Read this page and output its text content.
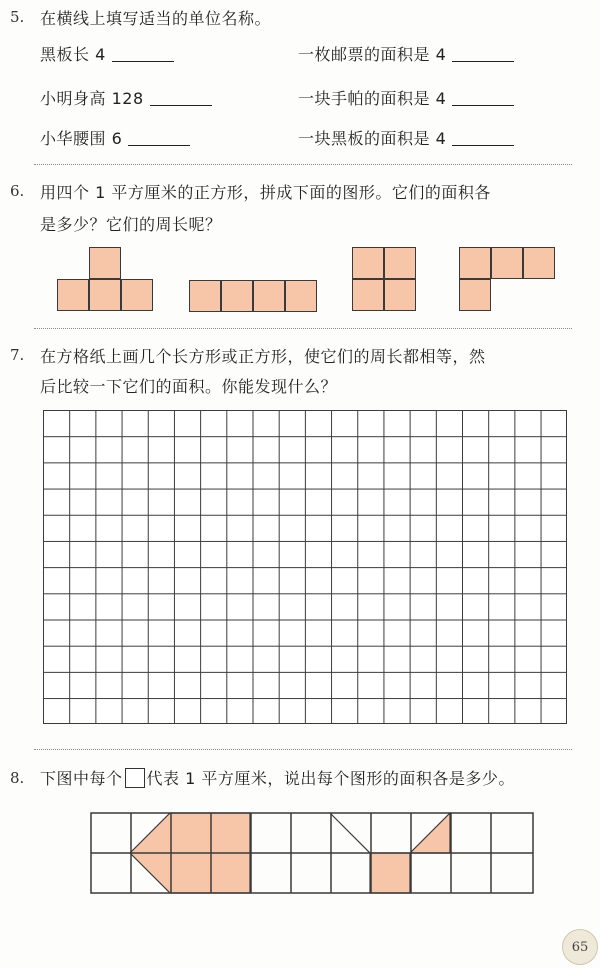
5. 在横线上填写适当的单位名称。
黑板长 4	一枚邮票的面积是 4
小明身高 128	一块手帕的面积是 4
小华腰围 6	一块黑板的面积是 4
6. 用四个 1 平方厘米的正方形，拼成下面的图形。它们的面积各
是多少？它们的周长呢？
7. 在方格纸上画几个长方形或正方形，使它们的周长都相等，然
后比较一下它们的面积。你能发现什么？
8. 下图中每个 代表 1 平方厘米，说出每个图形的面积各是多少。
65
